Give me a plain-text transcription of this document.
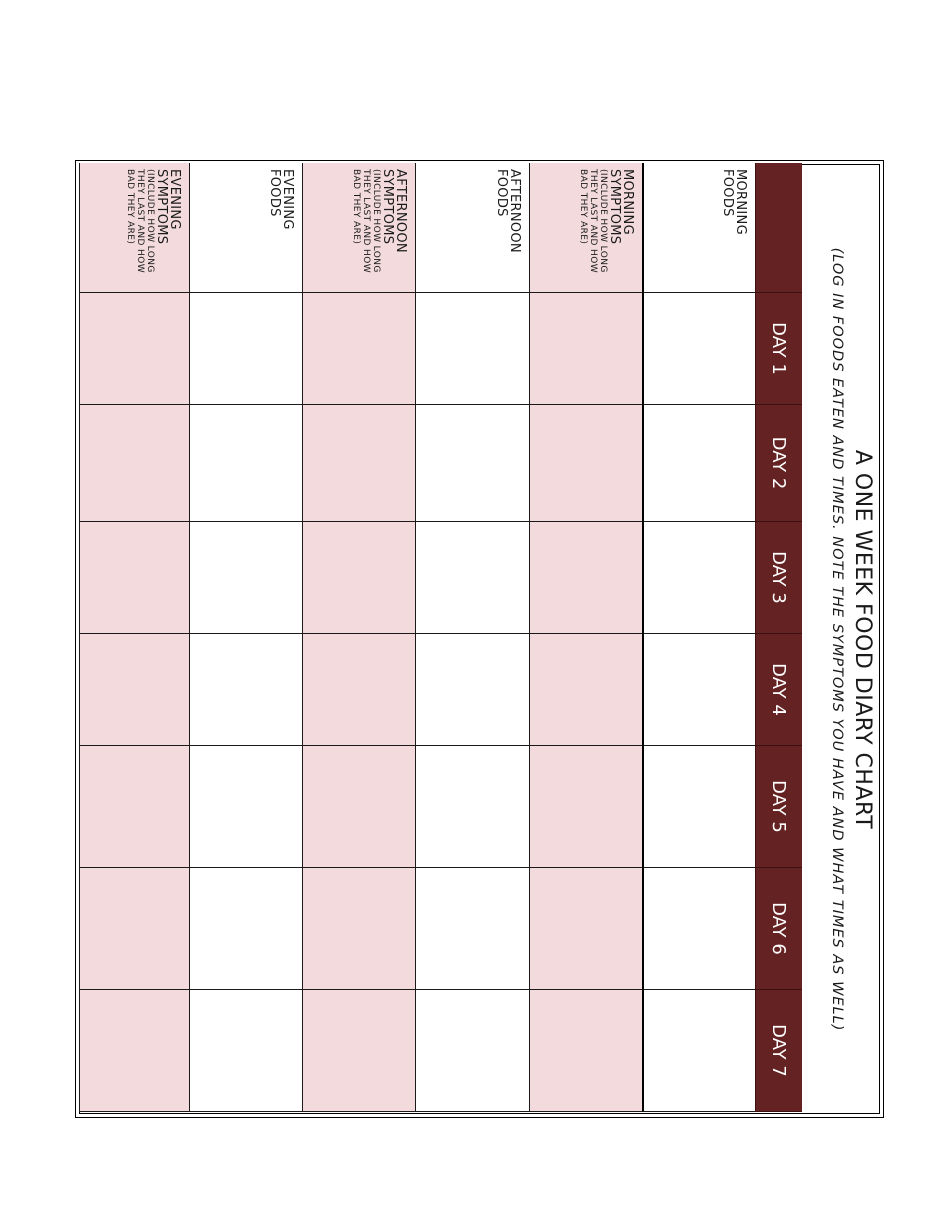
A ONE WEEK FOOD DIARY CHART
(LOG IN FOODS EATEN AND TIMES. NOTE THE SYMPTOMS YOU HAVE AND WHAT TIMES AS WELL)
DAY 1
DAY 2
DAY 3
DAY 4
DAY 5
DAY 6
DAY 7
MORNING
FOODS
MORNING
SYMPTOMS
(INCLUDE HOW LONG THEY LAST AND HOW BAD THEY ARE)
AFTERNOON
FOODS
AFTERNOON
SYMPTOMS
(INCLUDE HOW LONG THEY LAST AND HOW BAD THEY ARE)
EVENING
FOODS
EVENING
SYMPTOMS
(INCLUDE HOW LONG THEY LAST AND HOW BAD THEY ARE)
